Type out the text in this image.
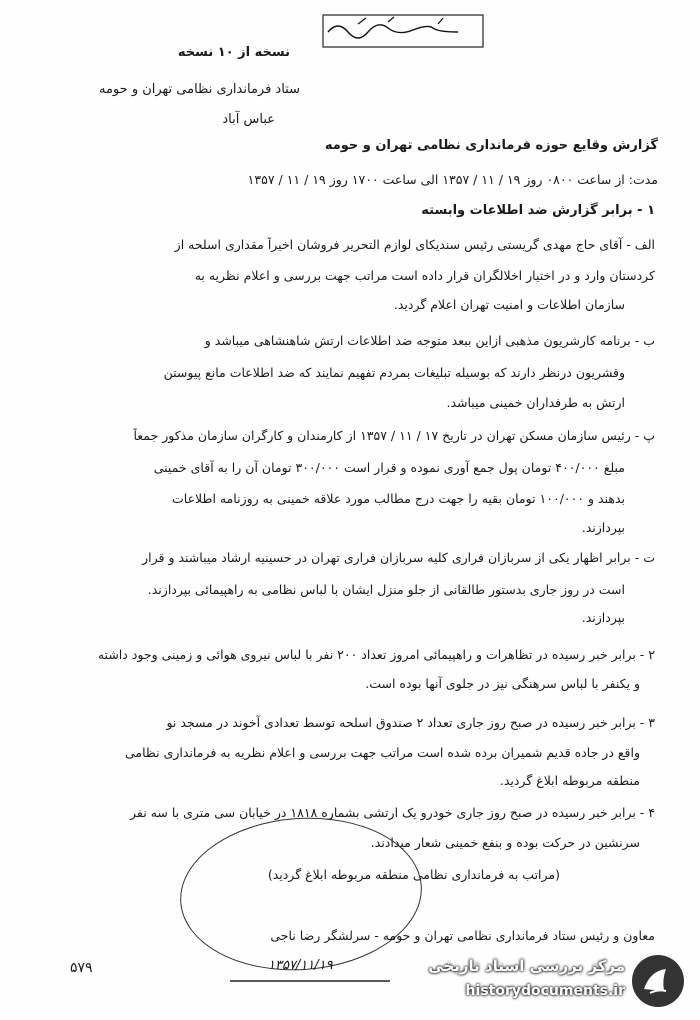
نسخه از ۱۰ نسخه
ستاد فرمانداری نظامی تهران و حومه
عباس آباد
گزارش وقایع حوزه فرمانداری نظامی تهران و حومه
مدت: از ساعت ۰۸۰۰ روز ۱۹ / ۱۱ / ۱۳۵۷ الی ساعت ۱۷۰۰ روز ۱۹ / ۱۱ / ۱۳۵۷
۱ - برابر گزارش ضد اطلاعات وابسته
الف - آقای حاج مهدی گریستی رئیس سندیکای لوازم التحریر فروشان اخیراً مقداری اسلحه از
کردستان وارد و در اختیار اخلالگران قرار داده است مراتب جهت بررسی و اعلام نظریه به
سازمان اطلاعات و امنیت تهران اعلام گردید.
ب - برنامه کارشریون مذهبی ازاین ببعد متوجه ضد اطلاعات ارتش شاهنشاهی میباشد و
وقشریون درنظر دارند که بوسیله تبلیغات بمردم تفهیم نمایند که ضد اطلاعات مانع پیوستن
ارتش به طرفداران خمینی میباشد.
پ - رئیس سازمان مسکن تهران در تاریخ ۱۷ / ۱۱ / ۱۳۵۷ از کارمندان و کارگران سازمان مذکور جمعاً
مبلغ ۴۰۰/۰۰۰ تومان پول جمع آوری نموده و قرار است ۳۰۰/۰۰۰ تومان آن را به آقای خمینی
بدهند و ۱۰۰/۰۰۰ تومان بقیه را جهت درج مطالب مورد علاقه خمینی به روزنامه اطلاعات
بپردازند.
ت - برابر اظهار یکی از سربازان فراری کلیه سربازان فراری تهران در حسینیه ارشاد میباشند و قرار
است در روز جاری بدستور طالقانی از جلو منزل ایشان با لباس نظامی به راهپیمائی بپردازند.
بپردازند.
۲ - برابر خبر رسیده در تظاهرات و راهپیمائی امروز تعداد ۲۰۰ نفر با لباس نیروی هوائی و زمینی وجود داشته
و یکنفر با لباس سرهنگی نیز در جلوی آنها بوده است.
۳ - برابر خبر رسیده در صبح روز جاری تعداد ۲ صندوق اسلحه توسط تعدادی آخوند در مسجد نو
واقع در جاده قدیم شمیران برده شده است مراتب جهت بررسی و اعلام نظریه به فرمانداری نظامی
منطقه مربوطه ابلاغ گردید.
۴ - برابر خبر رسیده در صبح روز جاری خودرو یک ارتشی بشماره ۱۸۱۸ در خیابان سی متری با سه نفر
سرنشین در حرکت بوده و بنفع خمینی شعار میدادند.
(مراتب به فرمانداری نظامی منطقه مربوطه ابلاغ گردید)
معاون و رئیس ستاد فرمانداری نظامی تهران و حومه - سرلشگر رضا ناجی
۱۳۵۷/۱۱/۱۹
۵۷۹	مرکز بررسی اسناد تاریخی
historydocuments.ir
